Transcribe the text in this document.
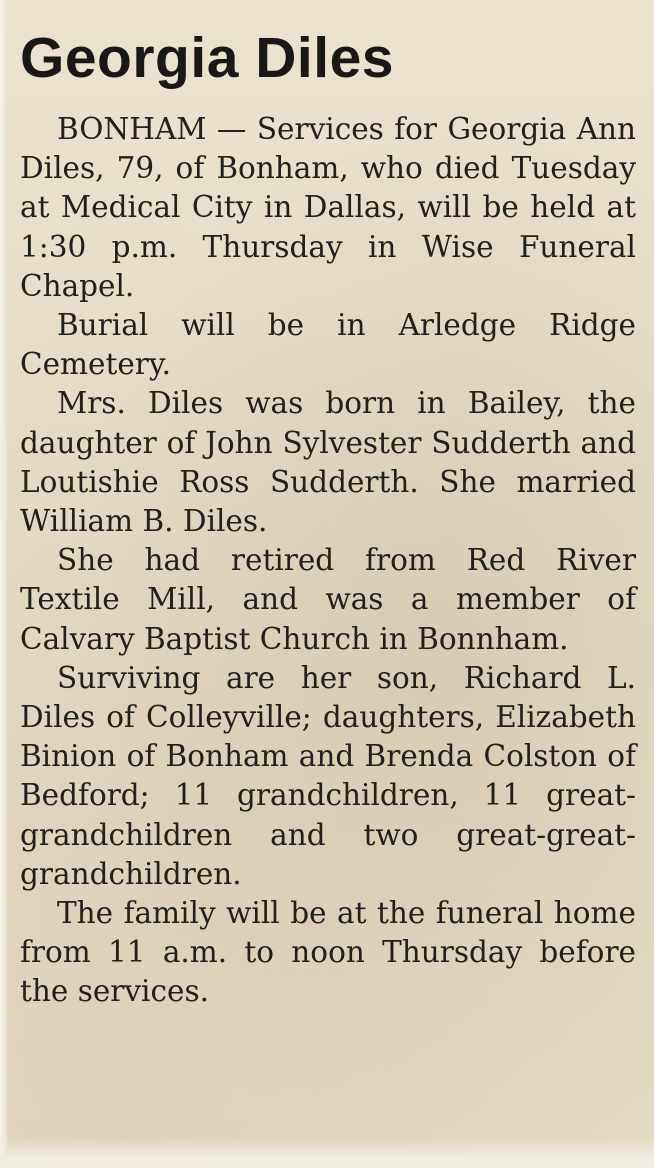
Georgia Diles

BONHAM — Services for Georgia Ann Diles, 79, of Bonham, who died Tuesday at Medical City in Dallas, will be held at 1:30 p.m. Thursday in Wise Funeral Chapel.

Burial will be in Arledge Ridge Cemetery.

Mrs. Diles was born in Bailey, the daughter of John Sylvester Sudderth and Loutishie Ross Sudderth. She married William B. Diles.

She had retired from Red River Textile Mill, and was a member of Calvary Baptist Church in Bonnham.

Surviving are her son, Richard L. Diles of Colleyville; daughters, Elizabeth Binion of Bonham and Brenda Colston of Bedford; 11 grandchildren, 11 great-grandchildren and two great-great-grandchildren.

The family will be at the funeral home from 11 a.m. to noon Thursday before the services.
